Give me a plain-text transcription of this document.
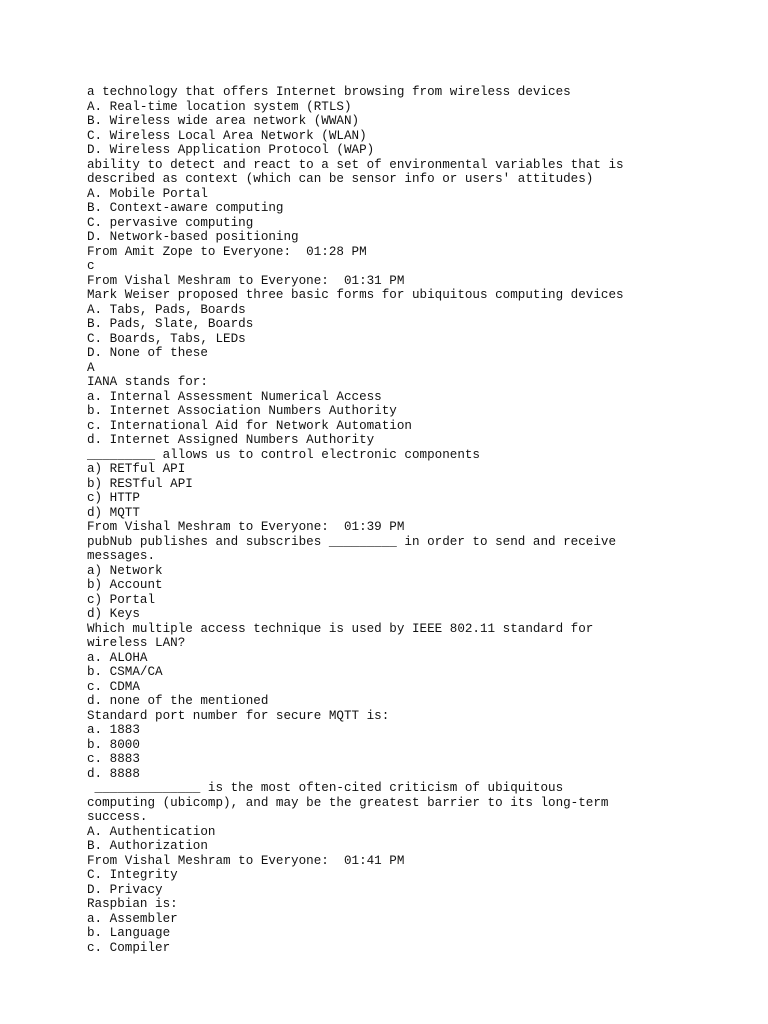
a technology that offers Internet browsing from wireless devices
A. Real-time location system (RTLS)
B. Wireless wide area network (WWAN)
C. Wireless Local Area Network (WLAN)
D. Wireless Application Protocol (WAP)
ability to detect and react to a set of environmental variables that is
described as context (which can be sensor info or users' attitudes)
A. Mobile Portal
B. Context-aware computing
C. pervasive computing
D. Network-based positioning
From Amit Zope to Everyone:  01:28 PM
c
From Vishal Meshram to Everyone:  01:31 PM
Mark Weiser proposed three basic forms for ubiquitous computing devices
A. Tabs, Pads, Boards
B. Pads, Slate, Boards
C. Boards, Tabs, LEDs
D. None of these
A
IANA stands for:
a. Internal Assessment Numerical Access
b. Internet Association Numbers Authority
c. International Aid for Network Automation
d. Internet Assigned Numbers Authority
_________ allows us to control electronic components
a) RETful API
b) RESTful API
c) HTTP
d) MQTT
From Vishal Meshram to Everyone:  01:39 PM
pubNub publishes and subscribes _________ in order to send and receive
messages.
a) Network
b) Account
c) Portal
d) Keys
Which multiple access technique is used by IEEE 802.11 standard for
wireless LAN?
a. ALOHA
b. CSMA/CA
c. CDMA
d. none of the mentioned
Standard port number for secure MQTT is:
a. 1883
b. 8000
c. 8883
d. 8888
______________ is the most often-cited criticism of ubiquitous
computing (ubicomp), and may be the greatest barrier to its long-term
success.
A. Authentication
B. Authorization
From Vishal Meshram to Everyone:  01:41 PM
C. Integrity
D. Privacy
Raspbian is:
a. Assembler
b. Language
c. Compiler
